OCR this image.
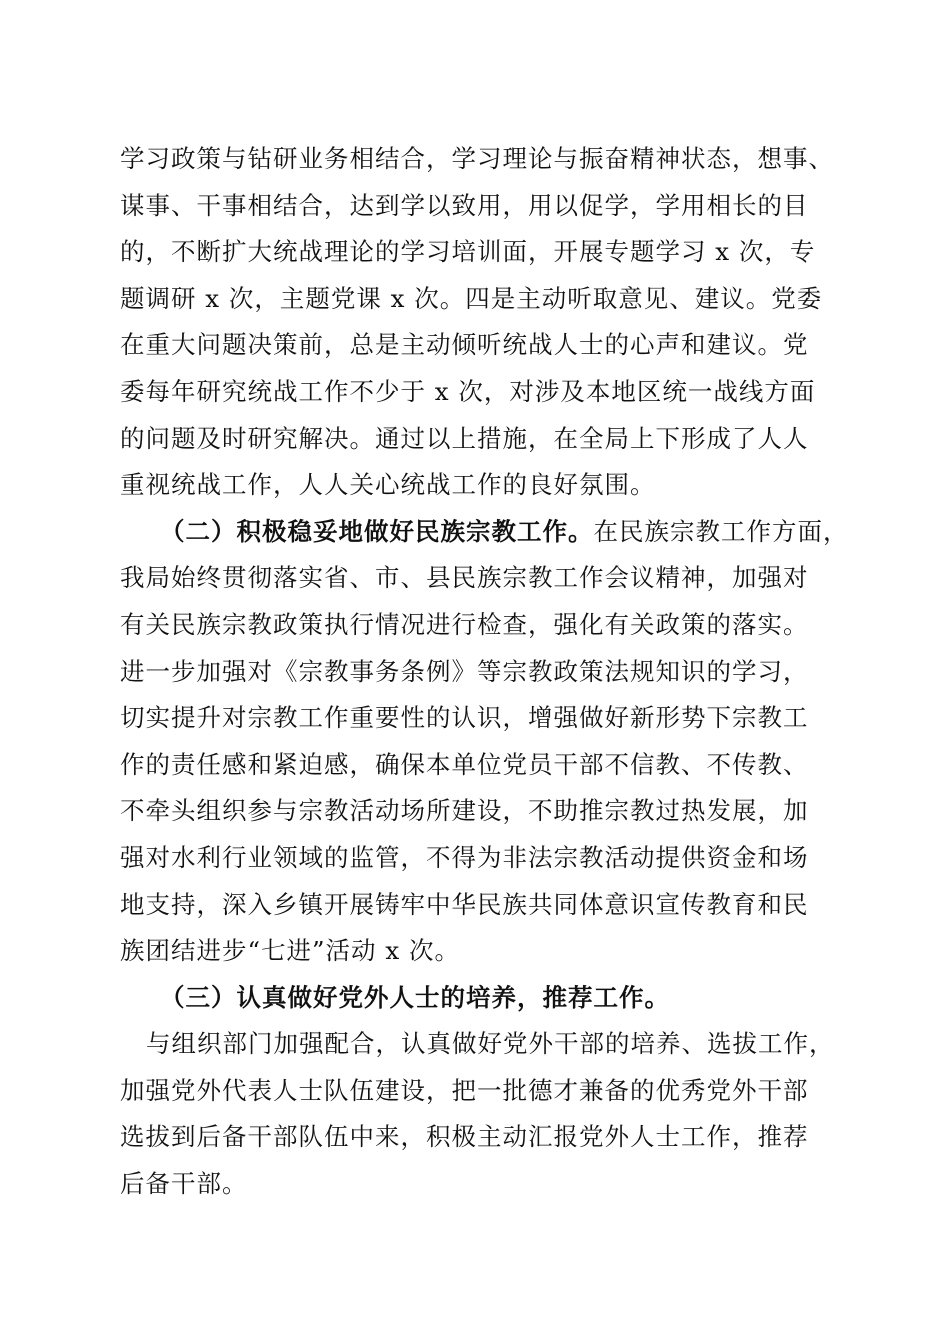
学习政策与钻研业务相结合，学习理论与振奋精神状态，想事、
谋事、干事相结合，达到学以致用，用以促学，学用相长的目
的，不断扩大统战理论的学习培训面，开展专题学习 x 次，专
题调研 x 次，主题党课 x 次。四是主动听取意见、建议。党委
在重大问题决策前，总是主动倾听统战人士的心声和建议。党
委每年研究统战工作不少于 x 次，对涉及本地区统一战线方面
的问题及时研究解决。通过以上措施，在全局上下形成了人人
重视统战工作，人人关心统战工作的良好氛围。
（二）积极稳妥地做好民族宗教工作。在民族宗教工作方面，
我局始终贯彻落实省、市、县民族宗教工作会议精神，加强对
有关民族宗教政策执行情况进行检查，强化有关政策的落实。
进一步加强对《宗教事务条例》等宗教政策法规知识的学习，
切实提升对宗教工作重要性的认识，增强做好新形势下宗教工
作的责任感和紧迫感，确保本单位党员干部不信教、不传教、
不牵头组织参与宗教活动场所建设，不助推宗教过热发展，加
强对水利行业领域的监管，不得为非法宗教活动提供资金和场
地支持，深入乡镇开展铸牢中华民族共同体意识宣传教育和民
族团结进步“七进”活动 x 次。
（三）认真做好党外人士的培养，推荐工作。
与组织部门加强配合，认真做好党外干部的培养、选拔工作，
加强党外代表人士队伍建设，把一批德才兼备的优秀党外干部
选拔到后备干部队伍中来，积极主动汇报党外人士工作，推荐
后备干部。
